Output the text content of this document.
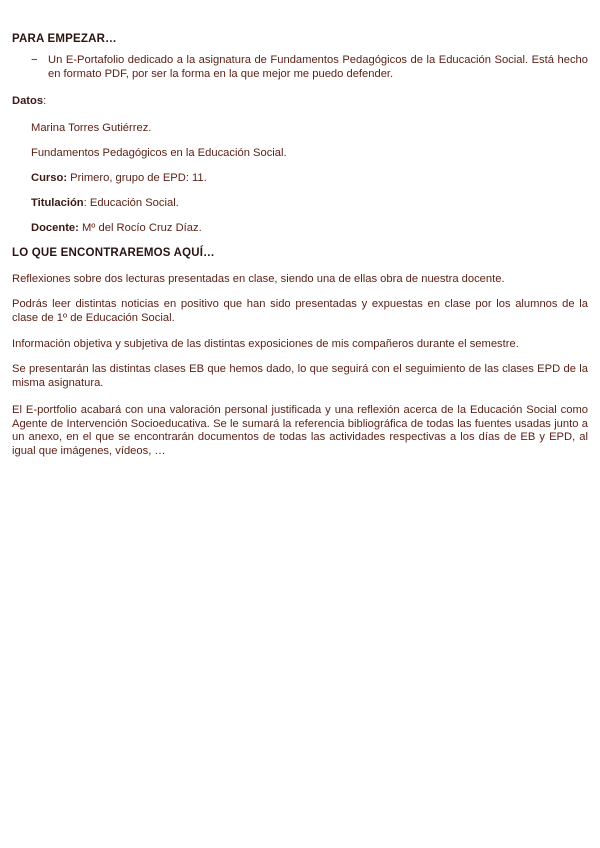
PARA EMPEZAR…
− Un E-Portafolio dedicado a la asignatura de Fundamentos Pedagógicos de la Educación Social. Está hecho en formato PDF, por ser la forma en la que mejor me puedo defender.
Datos:
Marina Torres Gutiérrez.
Fundamentos Pedagógicos en la Educación Social.
Curso: Primero, grupo de EPD: 11.
Titulación: Educación Social.
Docente: Mº del Rocío Cruz Díaz.
LO QUE ENCONTRAREMOS AQUÍ…
Reflexiones sobre dos lecturas presentadas en clase, siendo una de ellas obra de nuestra docente.
Podrás leer distintas noticias en positivo que han sido presentadas y expuestas en clase por los alumnos de la clase de 1º de Educación Social.
Información objetiva y subjetiva de las distintas exposiciones de mis compañeros durante el semestre.
Se presentarán las distintas clases EB que hemos dado, lo que seguirá con el seguimiento de las clases EPD de la misma asignatura.
El E-portfolio acabará con una valoración personal justificada y una reflexión acerca de la Educación Social como Agente de Intervención Socioeducativa. Se le sumará la referencia bibliográfica de todas las fuentes usadas junto a un anexo, en el que se encontrarán documentos de todas las actividades respectivas a los días de EB y EPD, al igual que imágenes, vídeos, …
